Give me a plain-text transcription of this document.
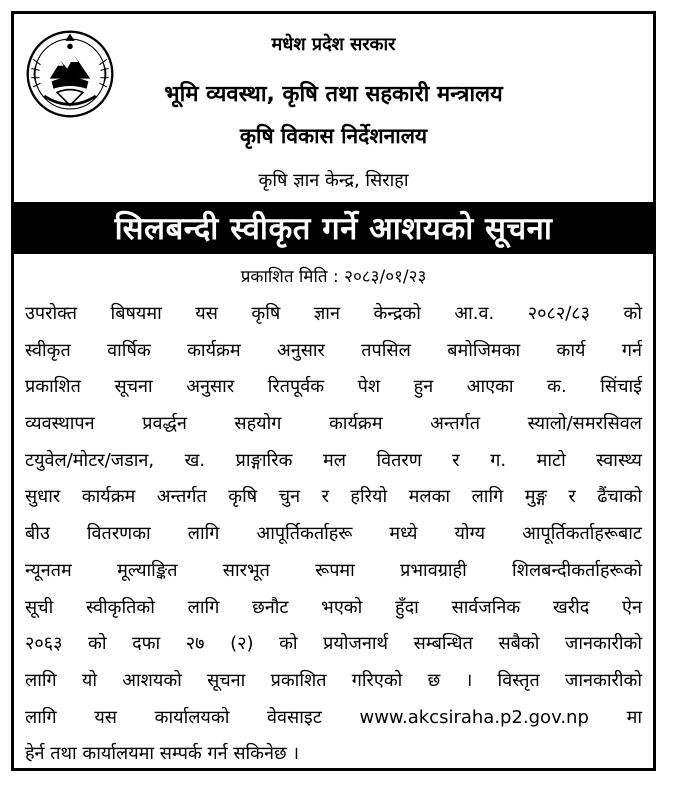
मधेश प्रदेश सरकार
भूमि व्यवस्था, कृषि तथा सहकारी मन्त्रालय
कृषि विकास निर्देशनालय
कृषि ज्ञान केन्द्र, सिराहा
सिलबन्दी स्वीकृत गर्ने आशयको सूचना
प्रकाशित मिति : २०८३/०१/२३
उपरोक्त बिषयमा यस कृषि ज्ञान केन्द्रको आ.व. २०८२/८३ को
स्वीकृत वार्षिक कार्यक्रम अनुसार तपसिल बमोजिमका कार्य गर्न
प्रकाशित सूचना अनुसार रितपूर्वक पेश हुन आएका क. सिंचाई
व्यवस्थापन प्रवर्द्धन सहयोग कार्यक्रम अन्तर्गत स्यालो/समरसिवल
टयुवेल/मोटर/जडान, ख. प्राङ्गारिक मल वितरण र ग. माटो स्वास्थ्य
सुधार कार्यक्रम अन्तर्गत कृषि चुन र हरियो मलका लागि मुङ्ग र ढैंचाको
बीउ वितरणका लागि आपूर्तिकर्ताहरू मध्ये योग्य आपूर्तिकर्ताहरूबाट
न्यूनतम मूल्याङ्कित सारभूत रूपमा प्रभावग्राही शिलबन्दीकर्ताहरूको
सूची स्वीकृतिको लागि छनौट भएको हुँदा सार्वजनिक खरीद ऐन
२०६३ को दफा २७ (२) को प्रयोजनार्थ सम्बन्धित सबैको जानकारीको
लागि यो आशयको सूचना प्रकाशित गरिएको छ । विस्तृत जानकारीको
लागि यस कार्यालयको वेवसाइट www.akcsiraha.p2.gov.np मा
हेर्न तथा कार्यालयमा सम्पर्क गर्न सकिनेछ ।
